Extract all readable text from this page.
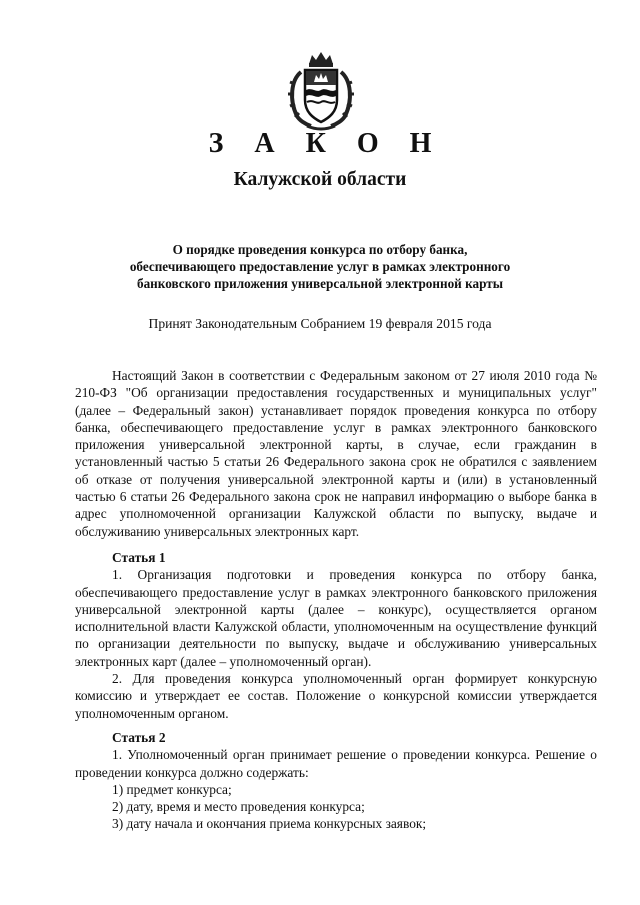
З А К О Н
Калужской области
О порядке проведения конкурса по отбору банка,
обеспечивающего предоставление услуг в рамках электронного
банковского приложения универсальной электронной карты
Принят Законодательным Собранием 19 февраля 2015 года

Настоящий Закон в соответствии с Федеральным законом от 27 июля 2010 года № 210-ФЗ "Об организации предоставления государственных и муниципальных услуг" (далее – Федеральный закон) устанавливает порядок проведения конкурса по отбору банка, обеспечивающего предоставление услуг в рамках электронного банковского приложения универсальной электронной карты, в случае, если гражданин в установленный частью 5 статьи 26 Федерального закона срок не обратился с заявлением об отказе от получения универсальной электронной карты и (или) в установленный частью 6 статьи 26 Федерального закона срок не направил информацию о выборе банка в адрес уполномоченной организации Калужской области по выпуску, выдаче и обслуживанию универсальных электронных карт.

Статья 1

1. Организация подготовки и проведения конкурса по отбору банка, обеспечивающего предоставление услуг в рамках электронного банковского приложения универсальной электронной карты (далее – конкурс), осуществляется органом исполнительной власти Калужской области, уполномоченным на осуществление функций по организации деятельности по выпуску, выдаче и обслуживанию универсальных электронных карт (далее – уполномоченный орган).

2. Для проведения конкурса уполномоченный орган формирует конкурсную комиссию и утверждает ее состав. Положение о конкурсной комиссии утверждается уполномоченным органом.

Статья 2

1. Уполномоченный орган принимает решение о проведении конкурса. Решение о проведении конкурса должно содержать:

1) предмет конкурса;

2) дату, время и место проведения конкурса;

3) дату начала и окончания приема конкурсных заявок;
